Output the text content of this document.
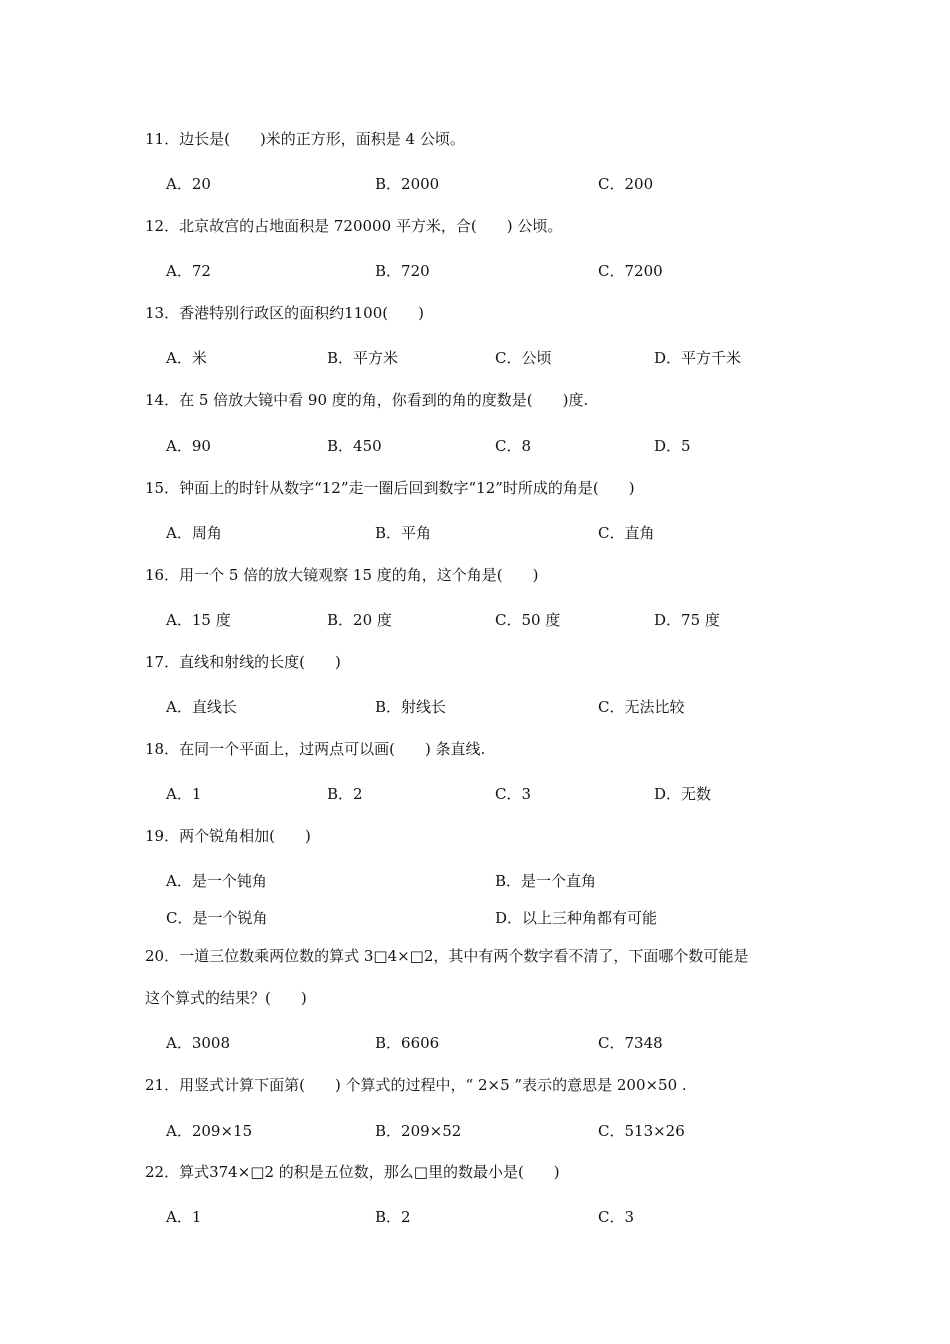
11．边长是(　　)米的正方形，面积是 4 公顷。
A．20	B．2000	C．200
12．北京故宫的占地面积是 720000 平方米，合(　　) 公顷。
A．72	B．720	C．7200
13．香港特别行政区的面积约1100(　　)
A．米	B．平方米	C．公顷	D．平方千米
14．在 5 倍放大镜中看 90 度的角，你看到的角的度数是(　　)度.
A．90	B．450	C．8	D．5
15．钟面上的时针从数字“12”走一圈后回到数字“12”时所成的角是(　　)
A．周角	B．平角	C．直角
16．用一个 5 倍的放大镜观察 15 度的角，这个角是(　　)
A．15 度	B．20 度	C．50 度	D．75 度
17．直线和射线的长度(　　)
A．直线长	B．射线长	C．无法比较
18．在同一个平面上，过两点可以画(　　) 条直线.
A．1	B．2	C．3	D．无数
19．两个锐角相加(　　)
A．是一个钝角	B．是一个直角
C．是一个锐角	D．以上三种角都有可能
20．一道三位数乘两位数的算式 3□4×□2，其中有两个数字看不清了，下面哪个数可能是
这个算式的结果？(　　)
A．3008	B．6606	C．7348
21．用竖式计算下面第(　　) 个算式的过程中，“ 2×5 ”表示的意思是 200×50 .
A．209×15	B．209×52	C．513×26
22．算式374×□2 的积是五位数，那么□里的数最小是(　　)
A．1	B．2	C．3
